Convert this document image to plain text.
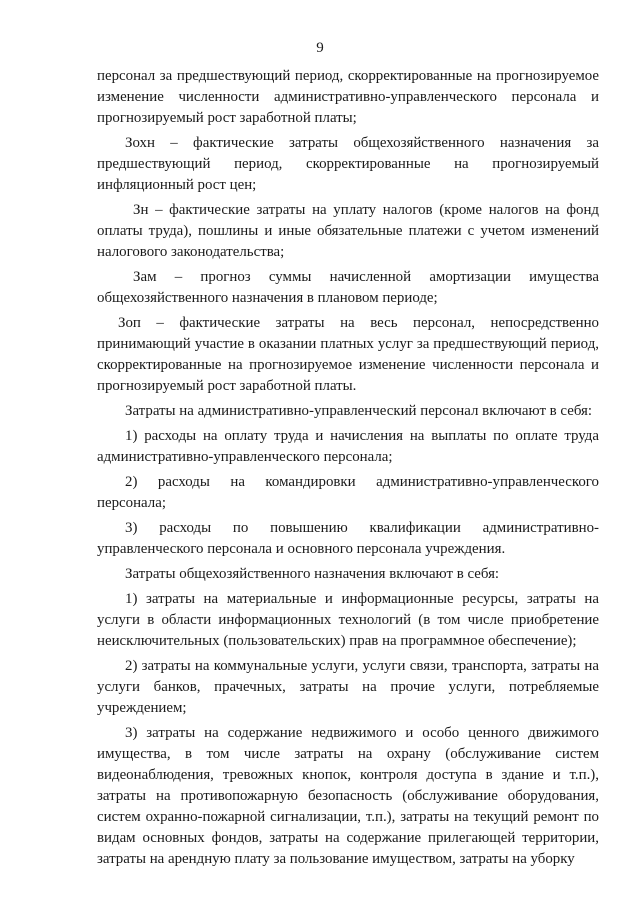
9

персонал за предшествующий период, скорректированные на прогнозируемое изменение численности административно-управленческого персонала и прогнозируемый рост заработной платы;

Зохн – фактические затраты общехозяйственного назначения за предшествующий период, скорректированные на прогнозируемый инфляционный рост цен;

Зн – фактические затраты на уплату налогов (кроме налогов на фонд оплаты труда), пошлины и иные обязательные платежи с учетом изменений налогового законодательства;

Зам – прогноз суммы начисленной амортизации имущества общехозяйственного назначения в плановом периоде;

Зоп – фактические затраты на весь персонал, непосредственно принимающий участие в оказании платных услуг за предшествующий период, скорректированные на прогнозируемое изменение численности персонала и прогнозируемый рост заработной платы.

Затраты на административно-управленческий персонал включают в себя:

1) расходы на оплату труда и начисления на выплаты по оплате труда административно-управленческого персонала;

2) расходы на командировки административно-управленческого персонала;

3) расходы по повышению квалификации административно-управленческого персонала и основного персонала учреждения.

Затраты общехозяйственного назначения включают в себя:

1) затраты на материальные и информационные ресурсы, затраты на услуги в области информационных технологий (в том числе приобретение неисключительных (пользовательских) прав на программное обеспечение);

2) затраты на коммунальные услуги, услуги связи, транспорта, затраты на услуги банков, прачечных, затраты на прочие услуги, потребляемые учреждением;

3) затраты на содержание недвижимого и особо ценного движимого имущества, в том числе затраты на охрану (обслуживание систем видеонаблюдения, тревожных кнопок, контроля доступа в здание и т.п.), затраты на противопожарную безопасность (обслуживание оборудования, систем охранно-пожарной сигнализации, т.п.), затраты на текущий ремонт по видам основных фондов, затраты на содержание прилегающей территории, затраты на арендную плату за пользование имуществом, затраты на уборку
